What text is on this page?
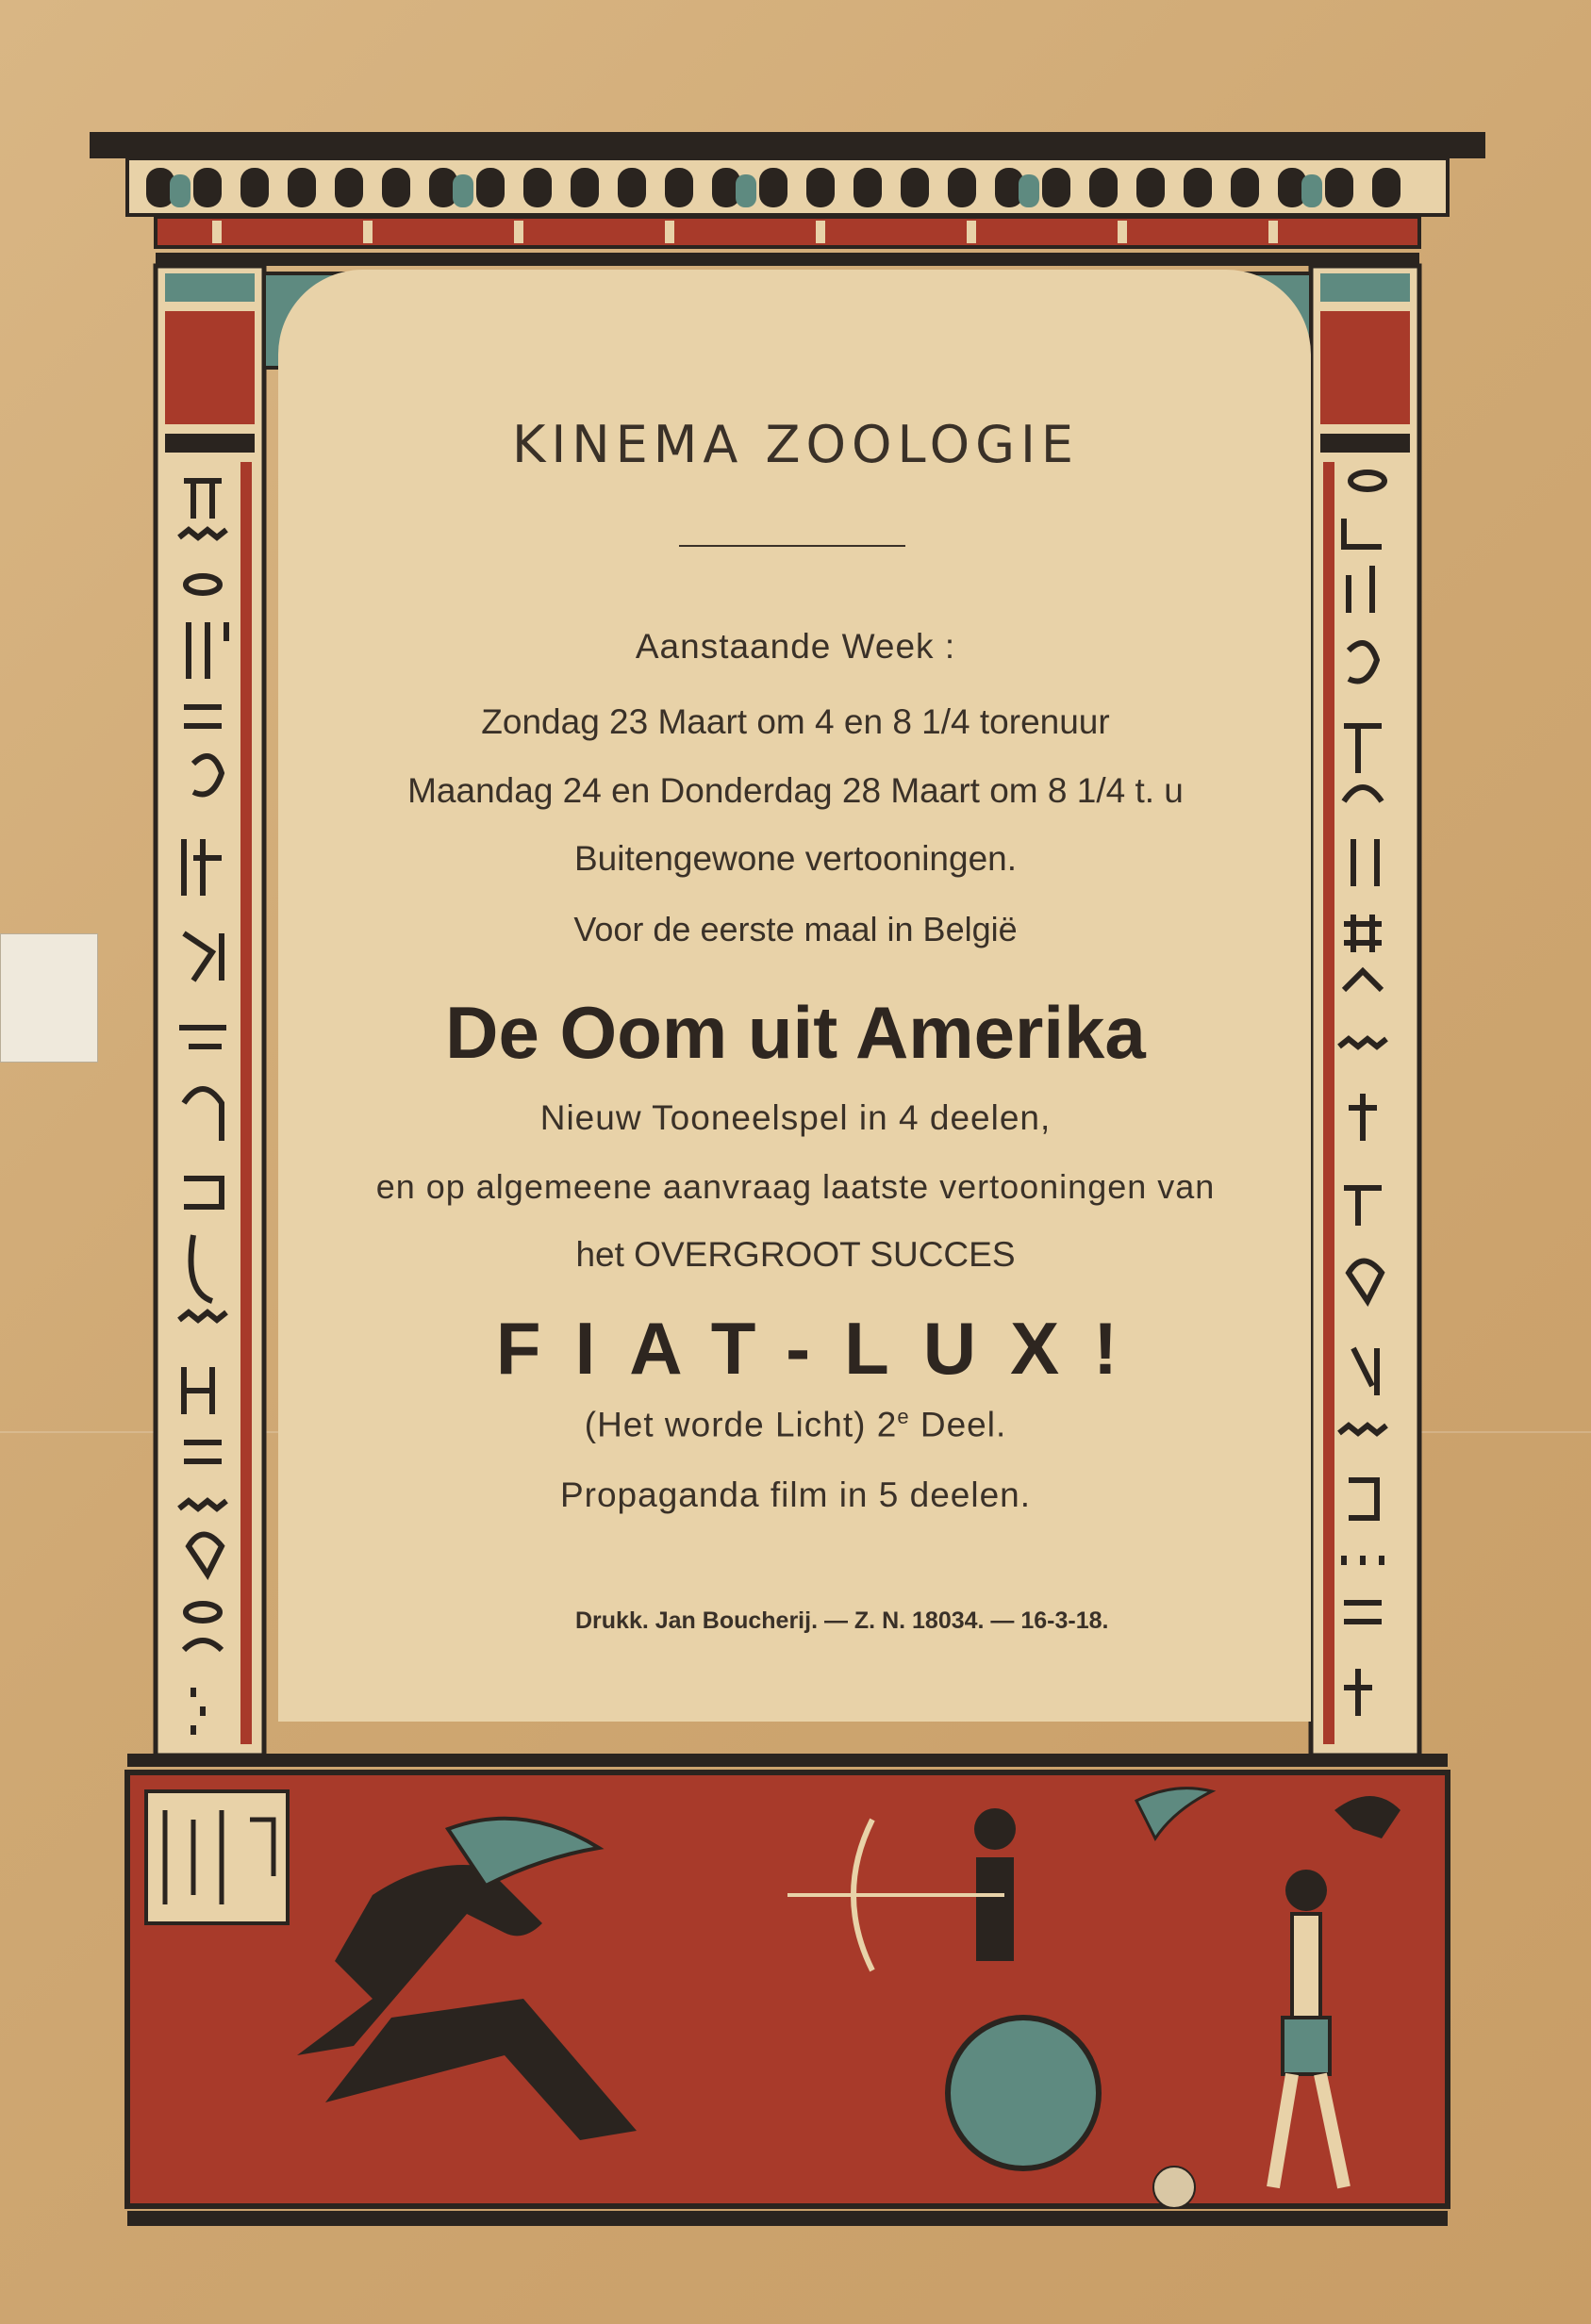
KINEMA ZOOLOGIE
Aanstaande Week :
Zondag 23 Maart om 4 en 8 1/4 torenuur
Maandag 24 en Donderdag 28 Maart om 8 1/4 t. u
Buitengewone vertooningen.
Voor de eerste maal in België
De Oom uit Amerika
Nieuw Tooneelspel in 4 deelen,
en op algemeene aanvraag laatste vertooningen van
het OVERGROOT SUCCES
FIAT-LUX!
(Het worde Licht) 2e Deel.
Propaganda film in 5 deelen.
Drukk. Jan Boucherij. — Z. N. 18034. — 16-3-18.
